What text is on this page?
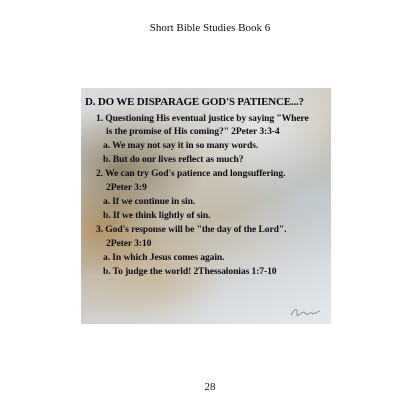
Short Bible Studies Book 6
D. DO WE DISPARAGE GOD'S PATIENCE...?
1. Questioning His eventual justice by saying "Where
is the promise of His coming?" 2Peter 3:3-4
a. We may not say it in so many words.
b. But do our lives reflect as much?
2. We can try God's patience and longsuffering.
2Peter 3:9
a. If we continue in sin.
b. If we think lightly of sin.
3. God's response will be "the day of the Lord".
2Peter 3:10
a. In which Jesus comes again.
b. To judge the world! 2Thessalonias 1:7-10
28
